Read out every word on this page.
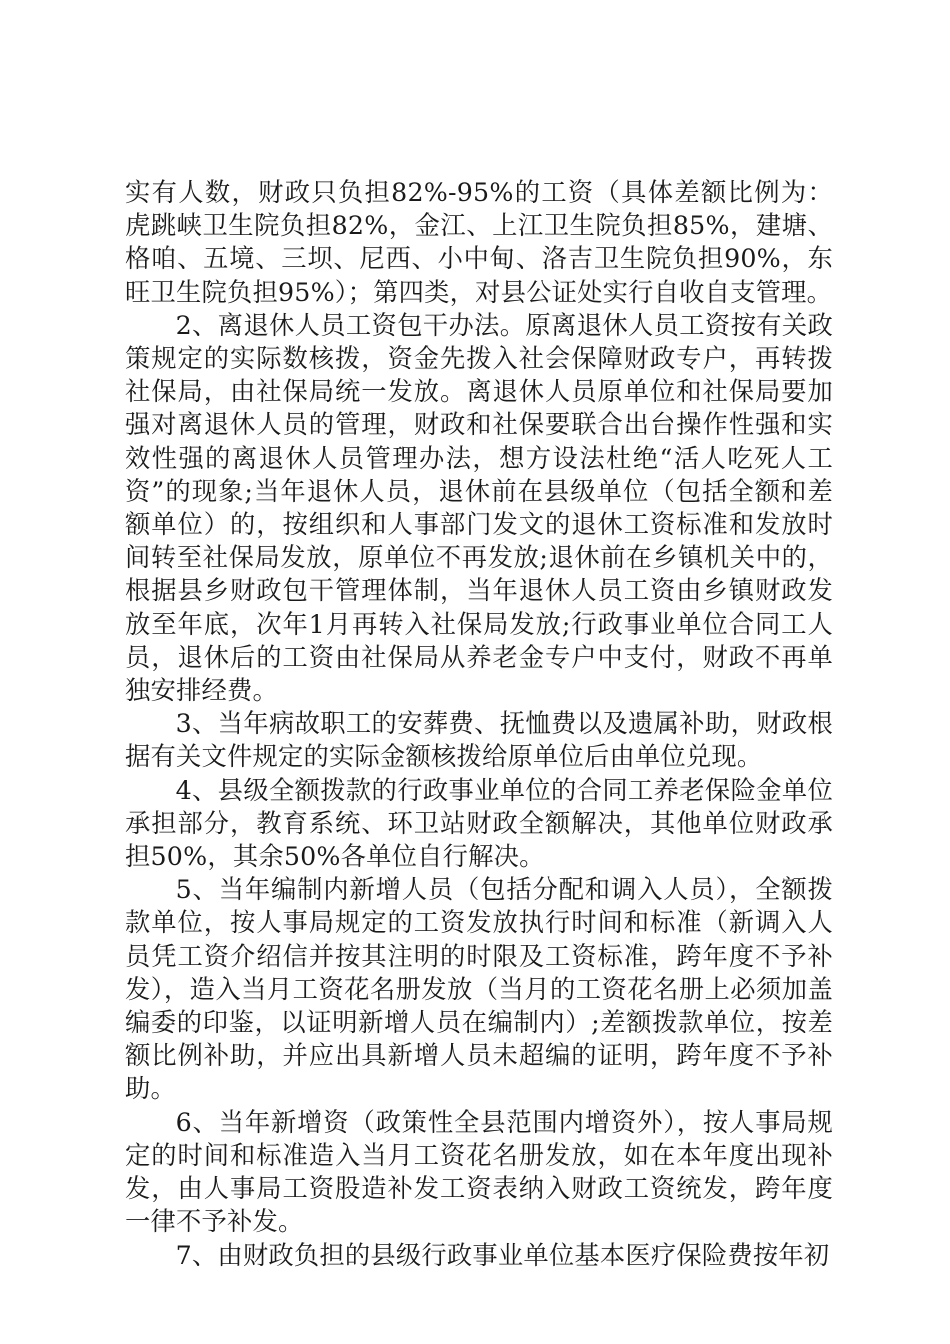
实有人数，财政只负担82%-95%的工资（具体差额比例为：虎跳峡卫生院负担82%，金江、上江卫生院负担85%，建塘、格咱、五境、三坝、尼西、小中甸、洛吉卫生院负担90%，东旺卫生院负担95%）；第四类，对县公证处实行自收自支管理。

2、离退休人员工资包干办法。原离退休人员工资按有关政策规定的实际数核拨，资金先拨入社会保障财政专户，再转拨社保局，由社保局统一发放。离退休人员原单位和社保局要加强对离退休人员的管理，财政和社保要联合出台操作性强和实效性强的离退休人员管理办法，想方设法杜绝“活人吃死人工资”的现象;当年退休人员，退休前在县级单位（包括全额和差额单位）的，按组织和人事部门发文的退休工资标准和发放时间转至社保局发放，原单位不再发放;退休前在乡镇机关中的，根据县乡财政包干管理体制，当年退休人员工资由乡镇财政发放至年底，次年1月再转入社保局发放;行政事业单位合同工人员，退休后的工资由社保局从养老金专户中支付，财政不再单独安排经费。

3、当年病故职工的安葬费、抚恤费以及遗属补助，财政根据有关文件规定的实际金额核拨给原单位后由单位兑现。

4、县级全额拨款的行政事业单位的合同工养老保险金单位承担部分，教育系统、环卫站财政全额解决，其他单位财政承担50%，其余50%各单位自行解决。

5、当年编制内新增人员（包括分配和调入人员），全额拨款单位，按人事局规定的工资发放执行时间和标准（新调入人员凭工资介绍信并按其注明的时限及工资标准，跨年度不予补发），造入当月工资花名册发放（当月的工资花名册上必须加盖编委的印鉴，以证明新增人员在编制内）;差额拨款单位，按差额比例补助，并应出具新增人员未超编的证明，跨年度不予补助。

6、当年新增资（政策性全县范围内增资外），按人事局规定的时间和标准造入当月工资花名册发放，如在本年度出现补发，由人事局工资股造补发工资表纳入财政工资统发，跨年度一律不予补发。

7、由财政负担的县级行政事业单位基本医疗保险费按年初
